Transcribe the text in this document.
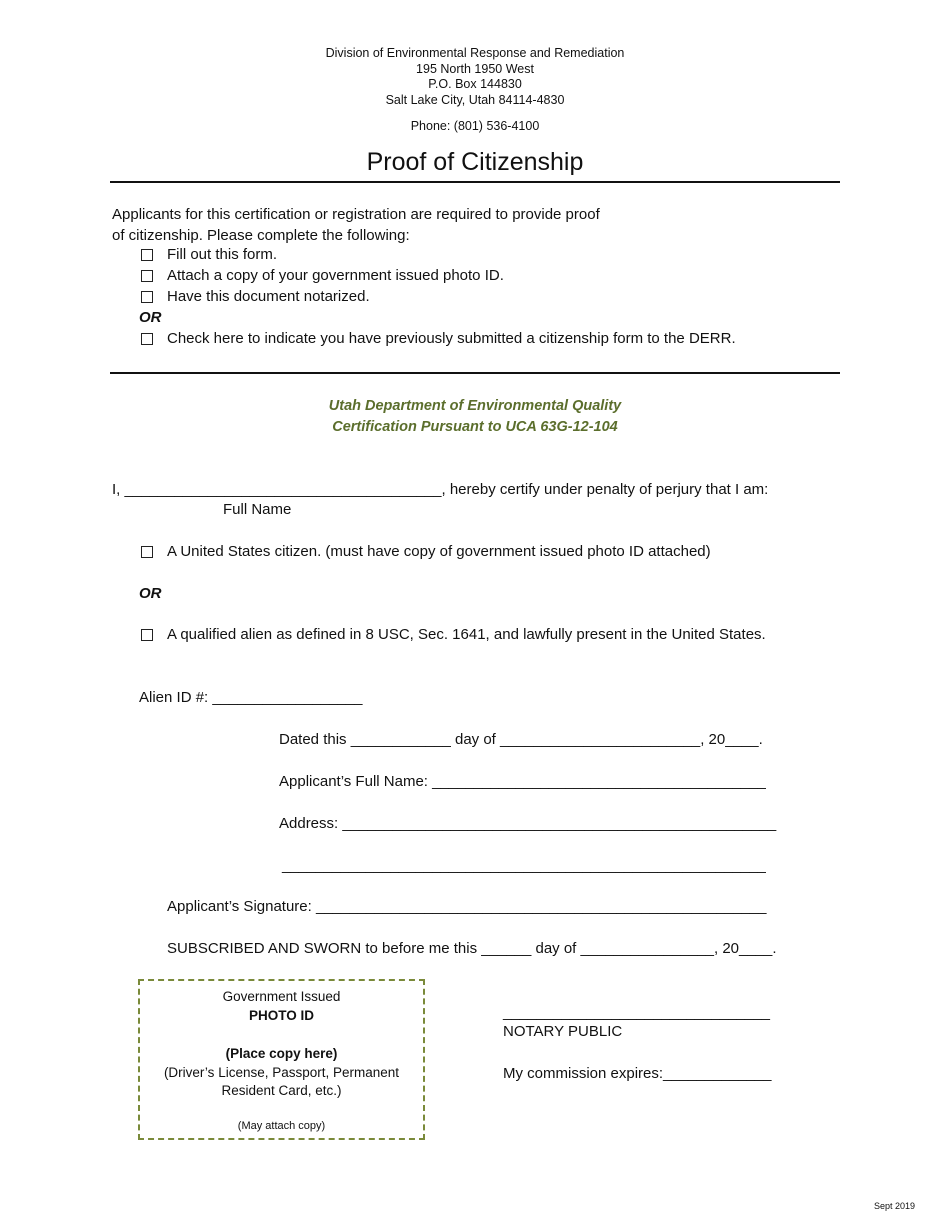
Division of Environmental Response and Remediation
195 North 1950 West
P.O. Box 144830
Salt Lake City, Utah 84114-4830
Phone: (801) 536-4100
Proof of Citizenship
Applicants for this certification or registration are required to provide proof
of citizenship. Please complete the following:
Fill out this form.
Attach a copy of your government issued photo ID.
Have this document notarized.
OR
Check here to indicate you have previously submitted a citizenship form to the DERR.
Utah Department of Environmental Quality
Certification Pursuant to UCA 63G-12-104
I, ______________________________________, hereby certify under penalty of perjury that I am:
Full Name
A United States citizen. (must have copy of government issued photo ID attached)
OR
A qualified alien as defined in 8 USC, Sec. 1641, and lawfully present in the United States.
Alien ID #: __________________
Dated this ____________ day of ________________________, 20____.
Applicant’s Full Name: ________________________________________
Address: ____________________________________________________
__________________________________________________________
Applicant’s Signature: ______________________________________________________
SUBSCRIBED AND SWORN to before me this ______ day of ________________, 20____.
Government Issued
PHOTO ID
(Place copy here)
(Driver’s License, Passport, Permanent
Resident Card, etc.)
(May attach copy)
________________________________
NOTARY PUBLIC
My commission expires:_____________
Sept 2019
